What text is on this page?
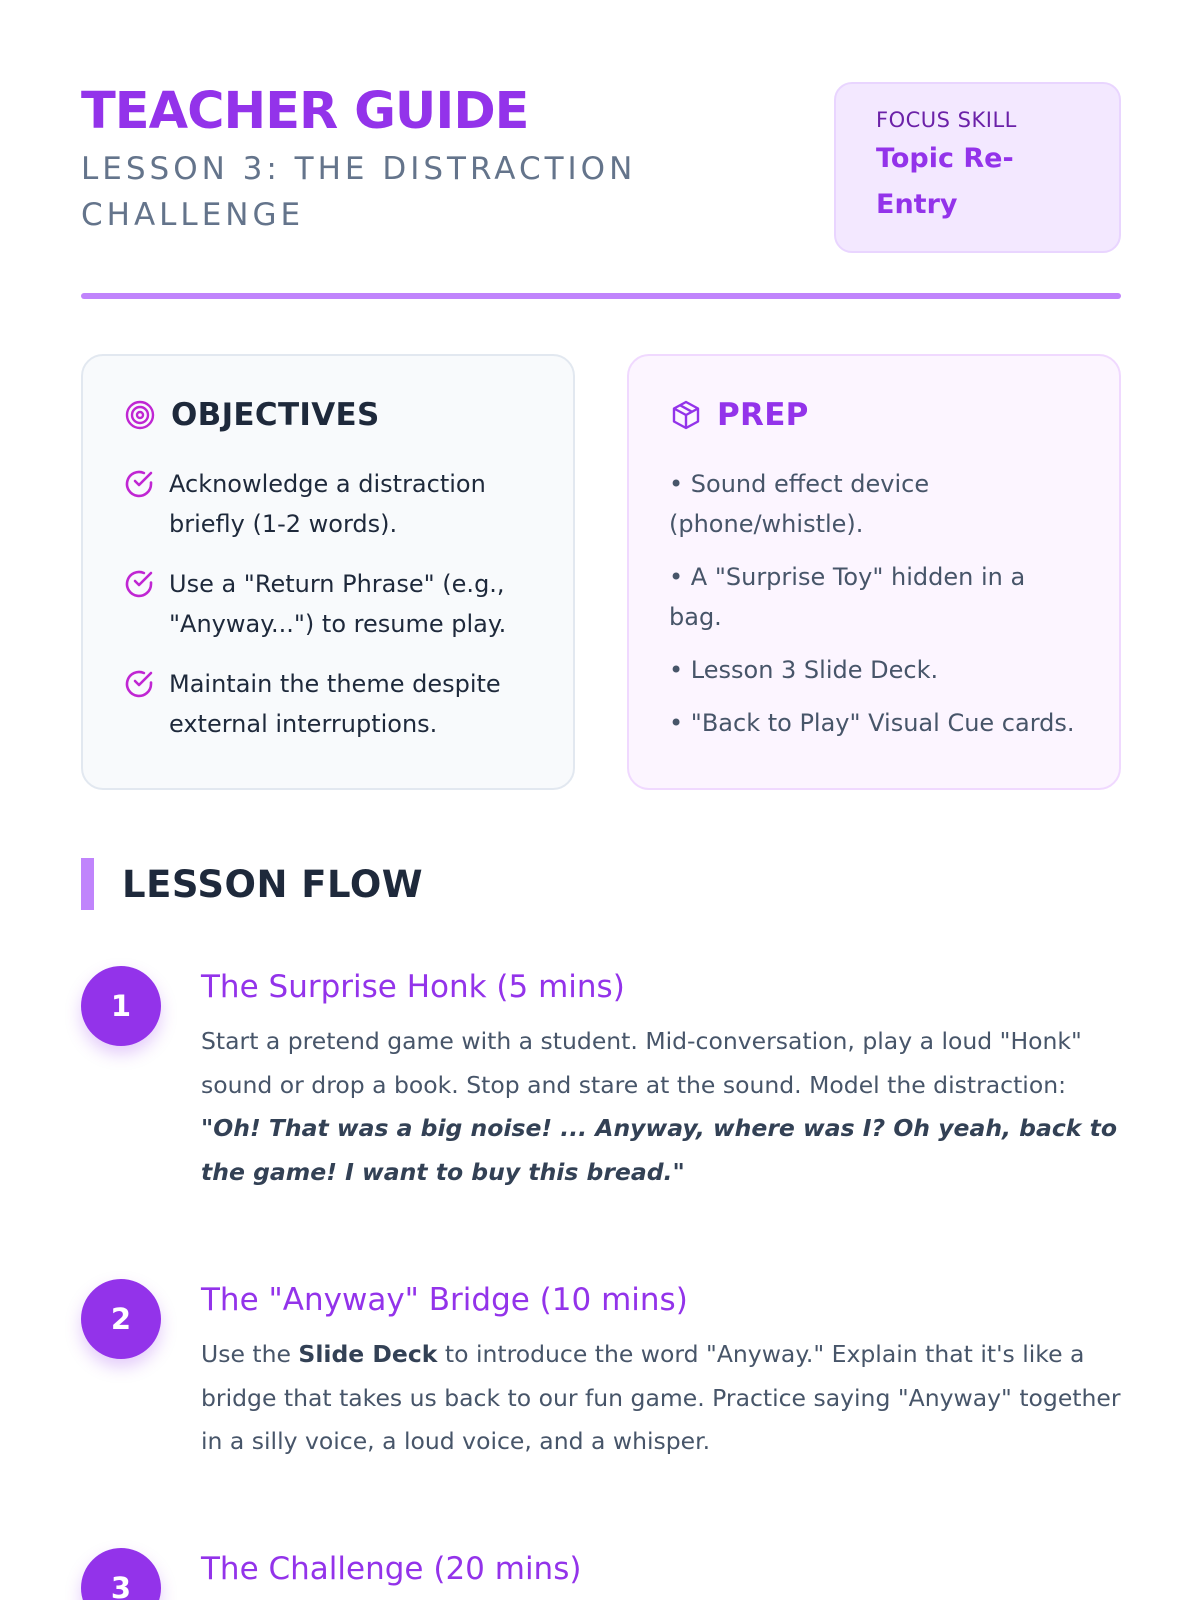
TEACHER GUIDE
LESSON 3: THE DISTRACTION CHALLENGE
FOCUS SKILL
Topic Re-Entry
OBJECTIVES
Acknowledge a distraction briefly (1-2 words).
Use a "Return Phrase" (e.g., "Anyway...") to resume play.
Maintain the theme despite external interruptions.
PREP
• Sound effect device (phone/whistle).
• A "Surprise Toy" hidden in a bag.
• Lesson 3 Slide Deck.
• "Back to Play" Visual Cue cards.
LESSON FLOW
1
The Surprise Honk (5 mins)

Start a pretend game with a student. Mid-conversation, play a loud "Honk" sound or drop a book. Stop and stare at the sound. Model the distraction: "Oh! That was a big noise! ... Anyway, where was I? Oh yeah, back to the game! I want to buy this bread."

2
The "Anyway" Bridge (10 mins)

Use the Slide Deck to introduce the word "Anyway." Explain that it's like a bridge that takes us back to our fun game. Practice saying "Anyway" together in a silly voice, a loud voice, and a whisper.

3
The Challenge (20 mins)
